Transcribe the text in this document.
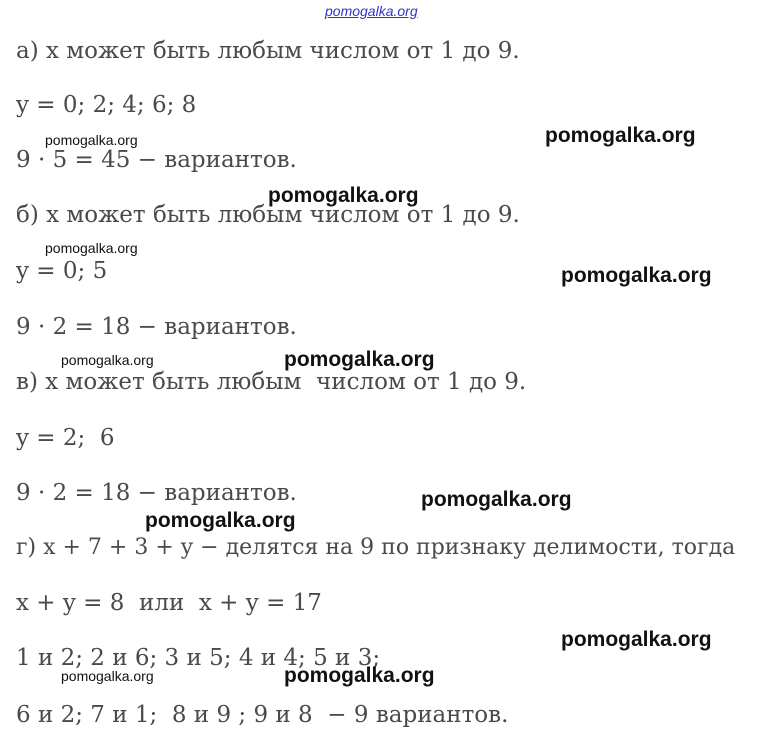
pomogalka.org
а) x может быть любым числом от 1 до 9.
y = 0; 2; 4; 6; 8
9 · 5 = 45 − вариантов.
б) x может быть любым числом от 1 до 9.
y = 0; 5
9 · 2 = 18 − вариантов.
в) x может быть любым  числом от 1 до 9.
y = 2;  6
9 · 2 = 18 − вариантов.
г) x + 7 + 3 + y − делятся на 9 по признаку делимости, тогда
x + y = 8  или  x + y = 17
1 и 2; 2 и 6; 3 и 5; 4 и 4; 5 и 3;
6 и 2; 7 и 1;  8 и 9 ; 9 и 8  − 9 вариантов.
pomogalka.org	pomogalka.org
pomogalka.org
pomogalka.org
pomogalka.org
pomogalka.org	pomogalka.org
pomogalka.org
pomogalka.org
pomogalka.org
pomogalka.org	pomogalka.org
